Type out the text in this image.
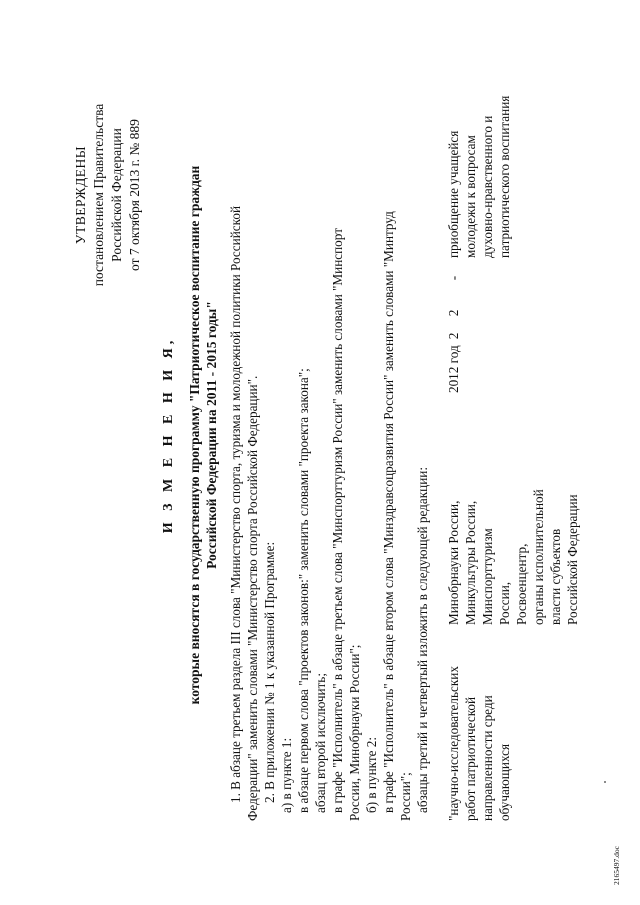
УТВЕРЖДЕНЫ постановлением Правительства Российской Федерации от 7 октября 2013 г. № 889
И З М Е Н Е Н И Я, которые вносятся в государственную программу "Патриотическое воспитание граждан Российской Федерации на 2011 - 2015 годы" 1. В абзаце третьем раздела III слова "Министерство спорта, туризма и молодежной политики Российской Федерации" заменить словами "Министерство спорта Российской Федерации". 2. В приложении № 1 к указанной Программе: а) в пункте 1: в абзаце первом слова "проектов законов:" заменить словами "проекта закона"; абзац второй исключить; в графе "Исполнитель" в абзаце третьем слова "Минспорттуризм России" заменить словами "Минспорт России, Минобрнауки России"; б) в пункте 2: в графе "Исполнитель" в абзаце втором слова "Минздравсоцразвития России" заменить словами "Минтруд России"; абзацы третий и четвертый изложить в следующей редакции: "научно-исследовательских работ патриотической направленности среди обучающихся
Минобрнауки России, Минкультуры России, Минспорттуризм России, Росвоенцентр, органы исполнительной власти субъектов Российской Федерации
2012 год
2
2
-
приобщение учащейся молодежи к вопросам духовно-нравственного и патриотического воспитания
2165497.doc
